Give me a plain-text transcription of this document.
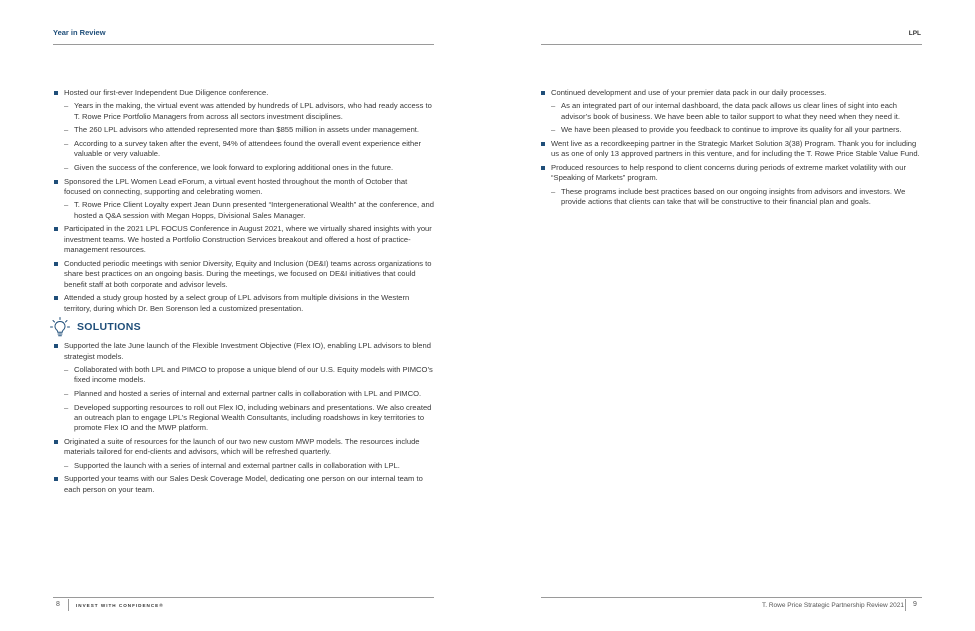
Year in Review
Hosted our first-ever Independent Due Diligence conference.
– Years in the making, the virtual event was attended by hundreds of LPL advisors, who had ready access to T. Rowe Price Portfolio Managers from across all sectors investment disciplines.
– The 260 LPL advisors who attended represented more than $855 million in assets under management.
– According to a survey taken after the event, 94% of attendees found the overall event experience either valuable or very valuable.
– Given the success of the conference, we look forward to exploring additional ones in the future.
Sponsored the LPL Women Lead eForum, a virtual event hosted throughout the month of October that focused on connecting, supporting and celebrating women.
– T. Rowe Price Client Loyalty expert Jean Dunn presented “Intergenerational Wealth” at the conference, and hosted a Q&A session with Megan Hopps, Divisional Sales Manager.
Participated in the 2021 LPL FOCUS Conference in August 2021, where we virtually shared insights with your investment teams. We hosted a Portfolio Construction Services breakout and offered a host of practice-management resources.
Conducted periodic meetings with senior Diversity, Equity and Inclusion (DE&I) teams across organizations to share best practices on an ongoing basis. During the meetings, we focused on DE&I initiatives that could benefit staff at both corporate and advisor levels.
Attended a study group hosted by a select group of LPL advisors from multiple divisions in the Western territory, during which Dr. Ben Sorenson led a customized presentation.
SOLUTIONS
Supported the late June launch of the Flexible Investment Objective (Flex IO), enabling LPL advisors to blend strategist models.
– Collaborated with both LPL and PIMCO to propose a unique blend of our U.S. Equity models with PIMCO’s fixed income models.
– Planned and hosted a series of internal and external partner calls in collaboration with LPL and PIMCO.
– Developed supporting resources to roll out Flex IO, including webinars and presentations. We also created an outreach plan to engage LPL’s Regional Wealth Consultants, including roadshows in key territories to promote Flex IO and the MWP platform.
Originated a suite of resources for the launch of our two new custom MWP models. The resources include materials tailored for end-clients and advisors, which will be refreshed quarterly.
– Supported the launch with a series of internal and external partner calls in collaboration with LPL.
Supported your teams with our Sales Desk Coverage Model, dedicating one person on our internal team to each person on your team.
8	INVEST WITH CONFIDENCE®
LPL
Continued development and use of your premier data pack in our daily processes.
– As an integrated part of our internal dashboard, the data pack allows us clear lines of sight into each advisor’s book of business. We have been able to tailor support to what they need when they need it.
– We have been pleased to provide you feedback to continue to improve its quality for all your partners.
Went live as a recordkeeping partner in the Strategic Market Solution 3(38) Program. Thank you for including us as one of only 13 approved partners in this venture, and for including the T. Rowe Price Stable Value Fund.
Produced resources to help respond to client concerns during periods of extreme market volatility with our “Speaking of Markets” program.
– These programs include best practices based on our ongoing insights from advisors and investors. We provide actions that clients can take that will be constructive to their financial plan and goals.
T. Rowe Price Strategic Partnership Review 2021 9
